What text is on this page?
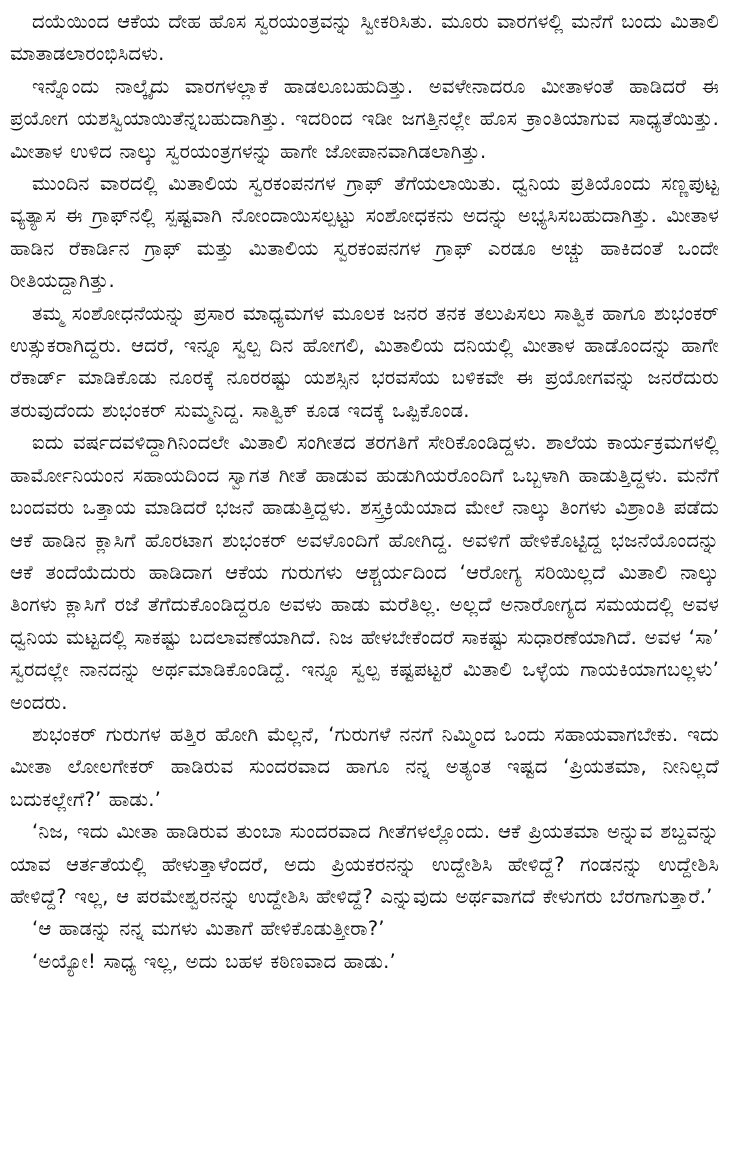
ದಯೆಯಿಂದ ಆಕೆಯ ದೇಹ ಹೊಸ ಸ್ವರಯಂತ್ರವನ್ನು ಸ್ವೀಕರಿಸಿತು. ಮೂರು ವಾರಗಳಲ್ಲಿ ಮನೆಗೆ ಬಂದು ಮಿತಾಲಿ ಮಾತಾಡಲಾರಂಭಿಸಿದಳು.

ಇನ್ನೊಂದು ನಾಲ್ಕೈದು ವಾರಗಳಲ್ಲಾಕೆ ಹಾಡಲೂಬಹುದಿತ್ತು. ಅವಳೇನಾದರೂ ಮೀತಾಳಂತೆ ಹಾಡಿದರೆ ಈ ಪ್ರಯೋಗ ಯಶಸ್ವಿಯಾಯಿತೆನ್ನಬಹುದಾಗಿತ್ತು. ಇದರಿಂದ ಇಡೀ ಜಗತ್ತಿನಲ್ಲೇ ಹೊಸ ಕ್ರಾಂತಿಯಾಗುವ ಸಾಧ್ಯತೆಯಿತ್ತು. ಮೀತಾಳ ಉಳಿದ ನಾಲ್ಕು ಸ್ವರಯಂತ್ರಗಳನ್ನು ಹಾಗೇ ಜೋಪಾನವಾಗಿಡಲಾಗಿತ್ತು.

ಮುಂದಿನ ವಾರದಲ್ಲಿ ಮಿತಾಲಿಯ ಸ್ವರಕಂಪನಗಳ ಗ್ರಾಫ್ ತೆಗೆಯಲಾಯಿತು. ಧ್ವನಿಯ ಪ್ರತಿಯೊಂದು ಸಣ್ಣಪುಟ್ಟ ವ್ಯತ್ಯಾಸ ಈ ಗ್ರಾಫ್‌ನಲ್ಲಿ ಸ್ಪಷ್ಟವಾಗಿ ನೋಂದಾಯಿಸಲ್ಪಟ್ಟು ಸಂಶೋಧಕನು ಅದನ್ನು ಅಭ್ಯಸಿಸಬಹುದಾಗಿತ್ತು. ಮೀತಾಳ ಹಾಡಿನ ರೆಕಾರ್ಡಿನ ಗ್ರಾಫ್ ಮತ್ತು ಮಿತಾಲಿಯ ಸ್ವರಕಂಪನಗಳ ಗ್ರಾಫ್ ಎರಡೂ ಅಚ್ಚು ಹಾಕಿದಂತೆ ಒಂದೇ ರೀತಿಯದ್ದಾಗಿತ್ತು.

ತಮ್ಮ ಸಂಶೋಧನೆಯನ್ನು ಪ್ರಸಾರ ಮಾಧ್ಯಮಗಳ ಮೂಲಕ ಜನರ ತನಕ ತಲುಪಿಸಲು ಸಾತ್ವಿಕ ಹಾಗೂ ಶುಭಂಕರ್ ಉತ್ಸುಕರಾಗಿದ್ದರು. ಆದರೆ, ಇನ್ನೂ ಸ್ವಲ್ಪ ದಿನ ಹೋಗಲಿ, ಮಿತಾಲಿಯ ದನಿಯಲ್ಲಿ ಮೀತಾಳ ಹಾಡೊಂದನ್ನು ಹಾಗೇ ರೆಕಾರ್ಡ್ ಮಾಡಿಕೊಡು ನೂರಕ್ಕೆ ನೂರರಷ್ಟು ಯಶಸ್ಸಿನ ಭರವಸೆಯ ಬಳಿಕವೇ ಈ ಪ್ರಯೋಗವನ್ನು ಜನರೆದುರು ತರುವುದೆಂದು ಶುಭಂಕರ್ ಸುಮ್ಮನಿದ್ದ. ಸಾತ್ವಿಕ್ ಕೂಡ ಇದಕ್ಕೆ ಒಪ್ಪಿಕೊಂಡ.

ಐದು ವರ್ಷದವಳಿದ್ದಾಗಿನಿಂದಲೇ ಮಿತಾಲಿ ಸಂಗೀತದ ತರಗತಿಗೆ ಸೇರಿಕೊಂಡಿದ್ದಳು. ಶಾಲೆಯ ಕಾರ್ಯಕ್ರಮಗಳಲ್ಲಿ ಹಾರ್ಮೋನಿಯಂನ ಸಹಾಯದಿಂದ ಸ್ವಾಗತ ಗೀತೆ ಹಾಡುವ ಹುಡುಗಿಯರೊಂದಿಗೆ ಒಬ್ಬಳಾಗಿ ಹಾಡುತ್ತಿದ್ದಳು. ಮನೆಗೆ ಬಂದವರು ಒತ್ತಾಯ ಮಾಡಿದರೆ ಭಜನೆ ಹಾಡುತ್ತಿದ್ದಳು. ಶಸ್ತ್ರಕ್ರಿಯೆಯಾದ ಮೇಲೆ ನಾಲ್ಕು ತಿಂಗಳು ವಿಶ್ರಾಂತಿ ಪಡೆದು ಆಕೆ ಹಾಡಿನ ಕ್ಲಾಸಿಗೆ ಹೊರಟಾಗ ಶುಭಂಕರ್ ಅವಳೊಂದಿಗೆ ಹೋಗಿದ್ದ. ಅವಳಿಗೆ ಹೇಳಿಕೊಟ್ಟಿದ್ದ ಭಜನೆಯೊಂದನ್ನು ಆಕೆ ತಂದೆಯೆದುರು ಹಾಡಿದಾಗ ಆಕೆಯ ಗುರುಗಳು ಆಶ್ಚರ್ಯದಿಂದ ‘ಆರೋಗ್ಯ ಸರಿಯಿಲ್ಲದೆ ಮಿತಾಲಿ ನಾಲ್ಕು ತಿಂಗಳು ಕ್ಲಾಸಿಗೆ ರಜೆ ತೆಗೆದುಕೊಂಡಿದ್ದರೂ ಅವಳು ಹಾಡು ಮರೆತಿಲ್ಲ. ಅಲ್ಲದೆ ಅನಾರೋಗ್ಯದ ಸಮಯದಲ್ಲಿ ಅವಳ ಧ್ವನಿಯ ಮಟ್ಟದಲ್ಲಿ ಸಾಕಷ್ಟು ಬದಲಾವಣೆಯಾಗಿದೆ. ನಿಜ ಹೇಳಬೇಕೆಂದರೆ ಸಾಕಷ್ಟು ಸುಧಾರಣೆಯಾಗಿದೆ. ಅವಳ ‘ಸಾ’ ಸ್ವರದಲ್ಲೇ ನಾನದನ್ನು ಅರ್ಥಮಾಡಿಕೊಂಡಿದ್ದೆ. ಇನ್ನೂ ಸ್ವಲ್ಪ ಕಷ್ಟಪಟ್ಟರೆ ಮಿತಾಲಿ ಒಳ್ಳೆಯ ಗಾಯಕಿಯಾಗಬಲ್ಲಳು’ ಅಂದರು.

ಶುಭಂಕರ್ ಗುರುಗಳ ಹತ್ತಿರ ಹೋಗಿ ಮೆಲ್ಲನೆ, ‘ಗುರುಗಳೆ ನನಗೆ ನಿಮ್ಮಿಂದ ಒಂದು ಸಹಾಯವಾಗಬೇಕು. ಇದು ಮೀತಾ ಲೋಲಗೇಕರ್ ಹಾಡಿರುವ ಸುಂದರವಾದ ಹಾಗೂ ನನ್ನ ಅತ್ಯಂತ ಇಷ್ಟದ ‘ಪ್ರಿಯತಮಾ, ನೀನಿಲ್ಲದೆ ಬದುಕಲ್ಲೇಗೆ?’ ಹಾಡು.’

‘ನಿಜ, ಇದು ಮೀತಾ ಹಾಡಿರುವ ತುಂಬಾ ಸುಂದರವಾದ ಗೀತೆಗಳಲ್ಲೊಂದು. ಆಕೆ ಪ್ರಿಯತಮಾ ಅನ್ನುವ ಶಬ್ದವನ್ನು ಯಾವ ಆರ್ತತೆಯಲ್ಲಿ ಹೇಳುತ್ತಾಳೆಂದರೆ, ಅದು ಪ್ರಿಯಕರನನ್ನು ಉದ್ದೇಶಿಸಿ ಹೇಳಿದ್ದೆ? ಗಂಡನನ್ನು ಉದ್ದೇಶಿಸಿ ಹೇಳಿದ್ದೆ? ಇಲ್ಲ, ಆ ಪರಮೇಶ್ವರನನ್ನು ಉದ್ದೇಶಿಸಿ ಹೇಳಿದ್ದೆ? ಎನ್ನುವುದು ಅರ್ಥವಾಗದೆ ಕೇಳುಗರು ಬೆರಗಾಗುತ್ತಾರೆ.’

‘ಆ ಹಾಡನ್ನು ನನ್ನ ಮಗಳು ಮಿತಾಗೆ ಹೇಳಿಕೊಡುತ್ತೀರಾ?’

‘ಅಯ್ಯೋ! ಸಾಧ್ಯ ಇಲ್ಲ, ಅದು ಬಹಳ ಕಠಿಣವಾದ ಹಾಡು.’
